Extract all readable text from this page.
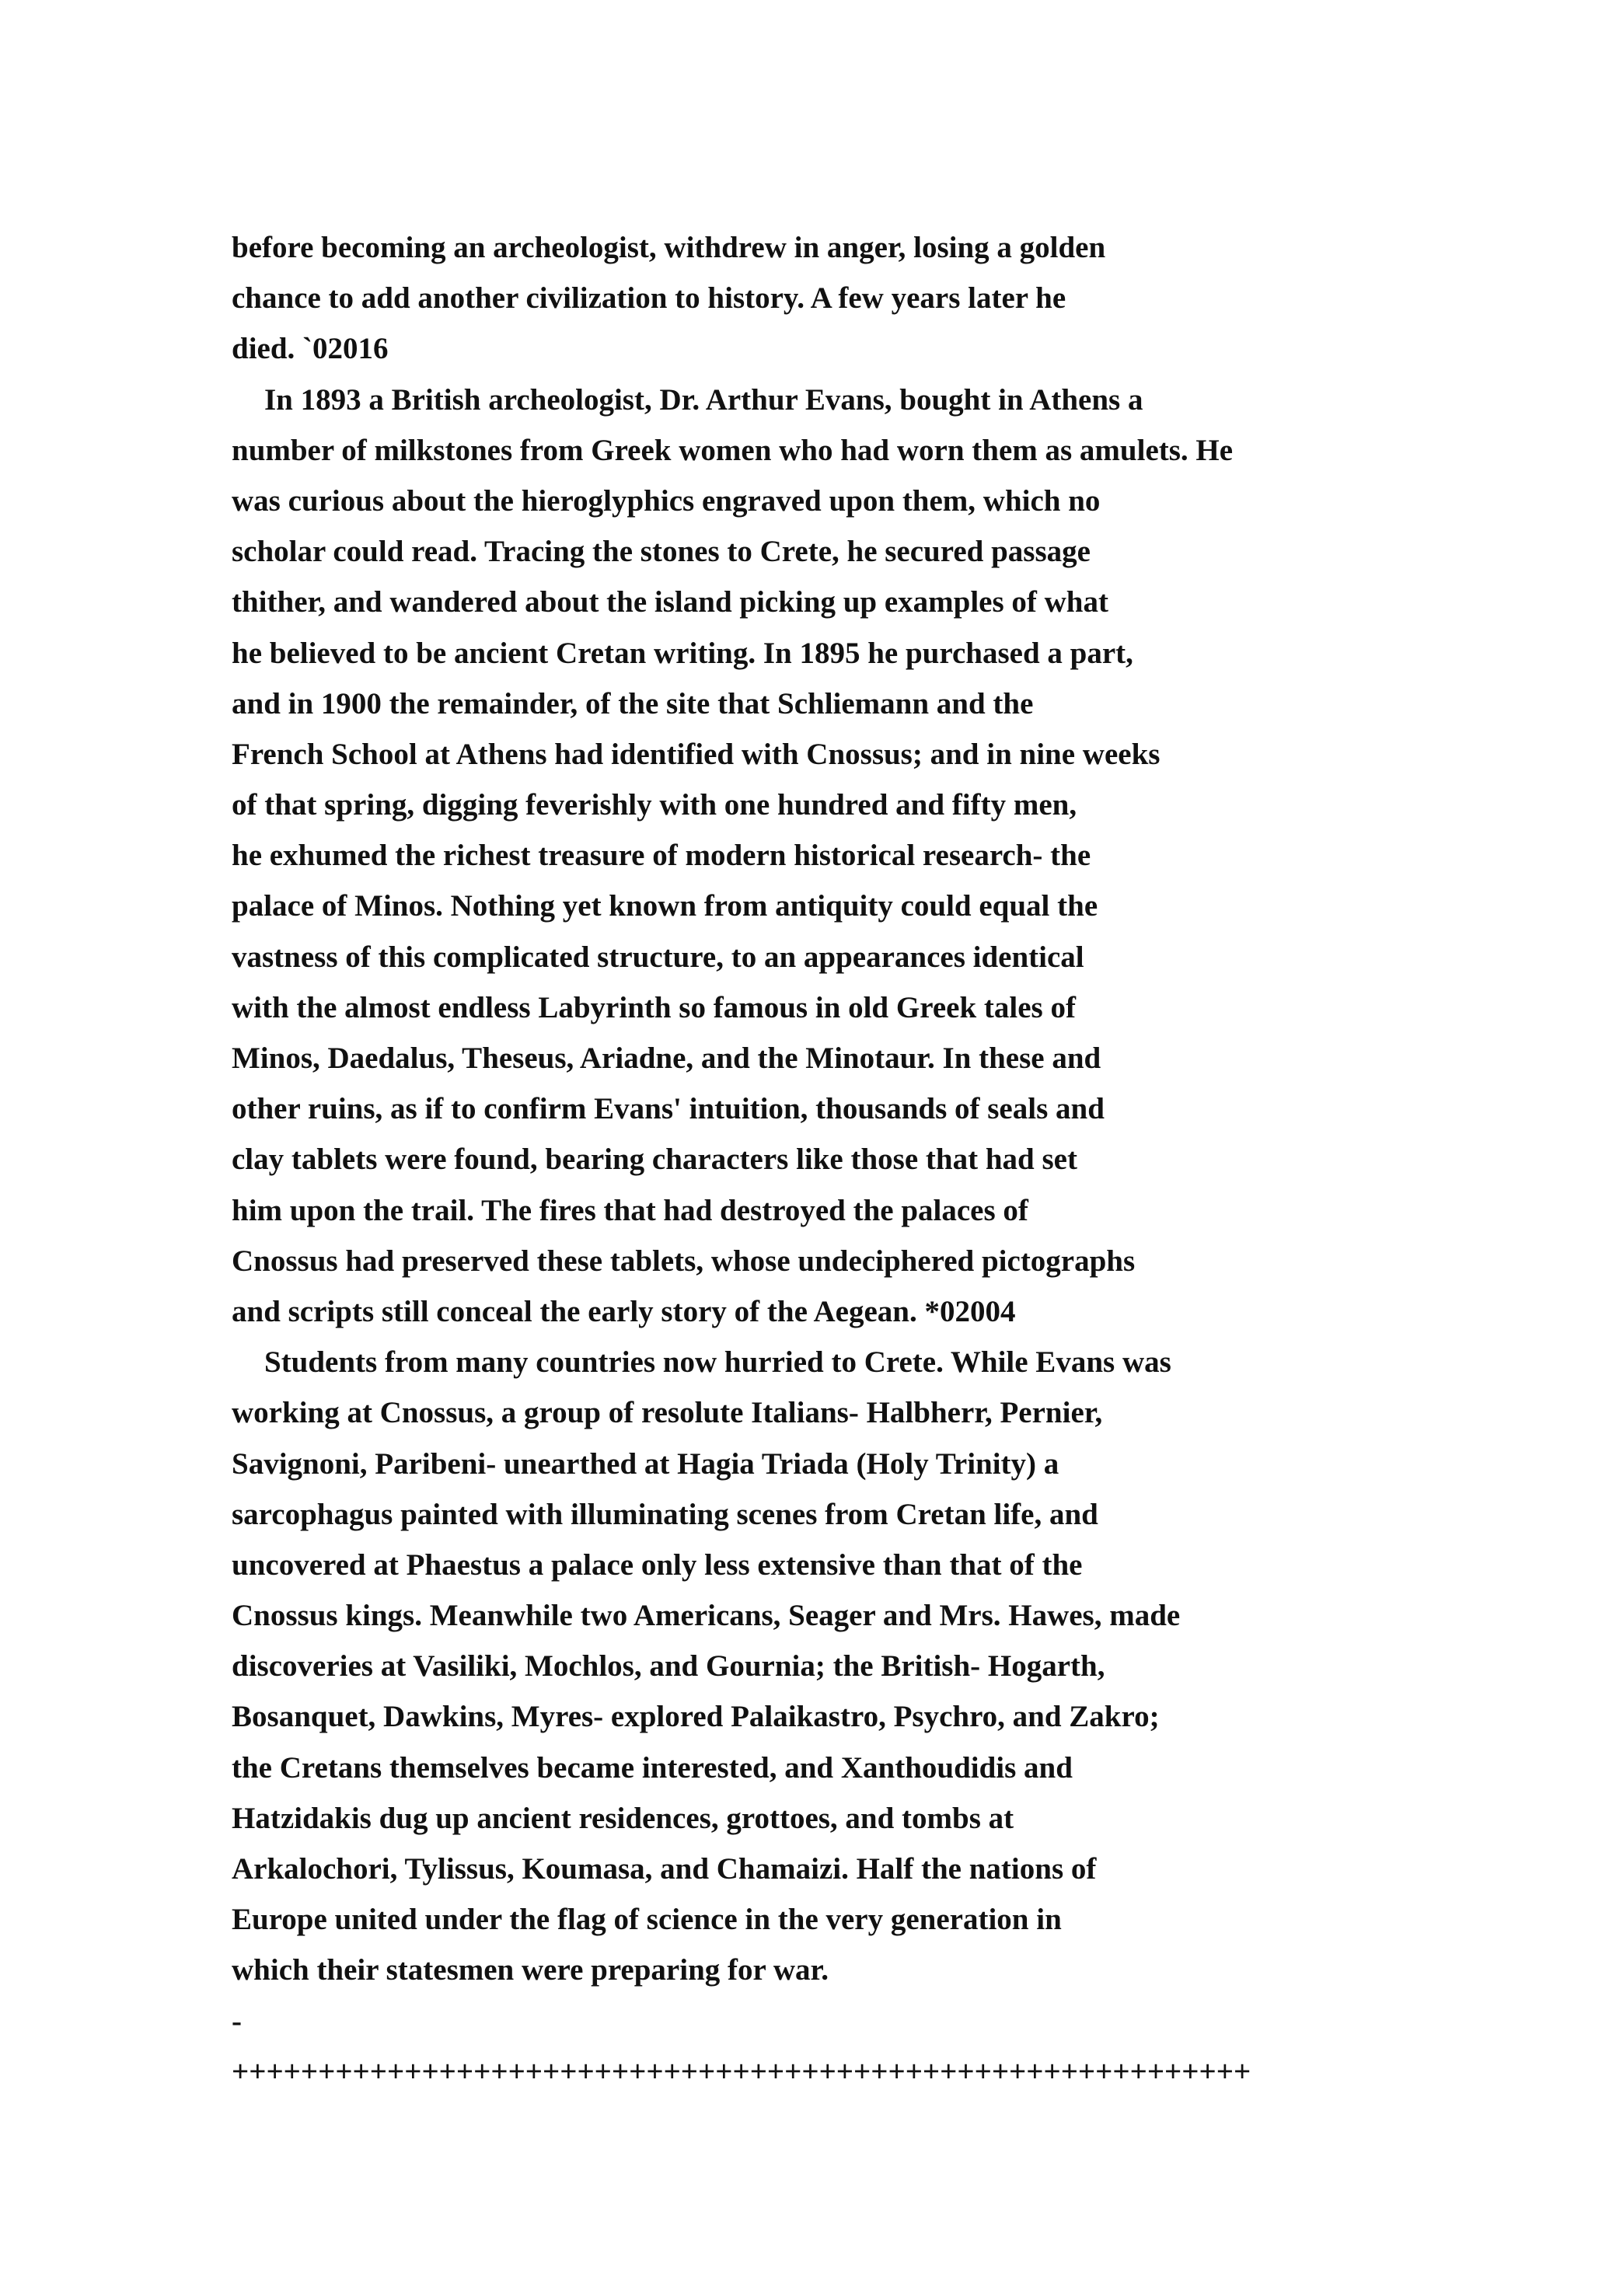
before becoming an archeologist, withdrew in anger, losing a golden
chance to add another civilization to history. A few years later he
died. `02016
In 1893 a British archeologist, Dr. Arthur Evans, bought in Athens a
number of milkstones from Greek women who had worn them as amulets. He
was curious about the hieroglyphics engraved upon them, which no
scholar could read. Tracing the stones to Crete, he secured passage
thither, and wandered about the island picking up examples of what
he believed to be ancient Cretan writing. In 1895 he purchased a part,
and in 1900 the remainder, of the site that Schliemann and the
French School at Athens had identified with Cnossus; and in nine weeks
of that spring, digging feverishly with one hundred and fifty men,
he exhumed the richest treasure of modern historical research- the
palace of Minos. Nothing yet known from antiquity could equal the
vastness of this complicated structure, to an appearances identical
with the almost endless Labyrinth so famous in old Greek tales of
Minos, Daedalus, Theseus, Ariadne, and the Minotaur. In these and
other ruins, as if to confirm Evans' intuition, thousands of seals and
clay tablets were found, bearing characters like those that had set
him upon the trail. The fires that had destroyed the palaces of
Cnossus had preserved these tablets, whose undeciphered pictographs
and scripts still conceal the early story of the Aegean. *02004
Students from many countries now hurried to Crete. While Evans was
working at Cnossus, a group of resolute Italians- Halbherr, Pernier,
Savignoni, Paribeni- unearthed at Hagia Triada (Holy Trinity) a
sarcophagus painted with illuminating scenes from Cretan life, and
uncovered at Phaestus a palace only less extensive than that of the
Cnossus kings. Meanwhile two Americans, Seager and Mrs. Hawes, made
discoveries at Vasiliki, Mochlos, and Gournia; the British- Hogarth,
Bosanquet, Dawkins, Myres- explored Palaikastro, Psychro, and Zakro;
the Cretans themselves became interested, and Xanthoudidis and
Hatzidakis dug up ancient residences, grottoes, and tombs at
Arkalochori, Tylissus, Koumasa, and Chamaizi. Half the nations of
Europe united under the flag of science in the very generation in
which their statesmen were preparing for war.
-
+++++++++++++++++++++++++++++++++++++++++++++++++++++++++++
